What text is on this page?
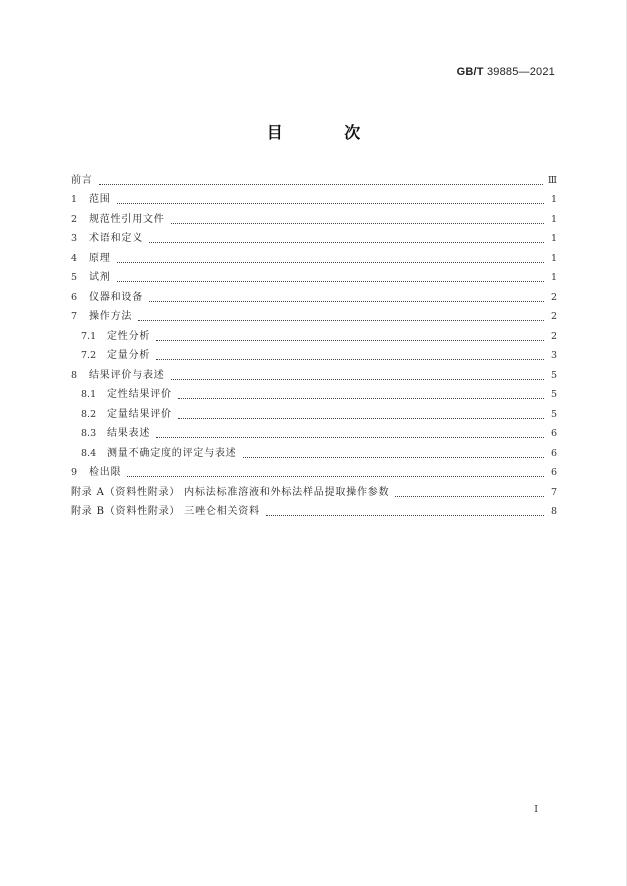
GB/T 39885—2021
目 次
前言	Ⅲ
1	范围	1
2	规范性引用文件	1
3	术语和定义	1
4	原理	1
5	试剂	1
6	仪器和设备	2
7	操作方法	2
7.1	定性分析	2
7.2	定量分析	3
8	结果评价与表述	5
8.1	定性结果评价	5
8.2	定量结果评价	5
8.3	结果表述	6
8.4	测量不确定度的评定与表述	6
9	检出限	6
附录 A（资料性附录） 内标法标准溶液和外标法样品提取操作参数	7
附录 B（资料性附录） 三唑仑相关资料	8
Ⅰ
